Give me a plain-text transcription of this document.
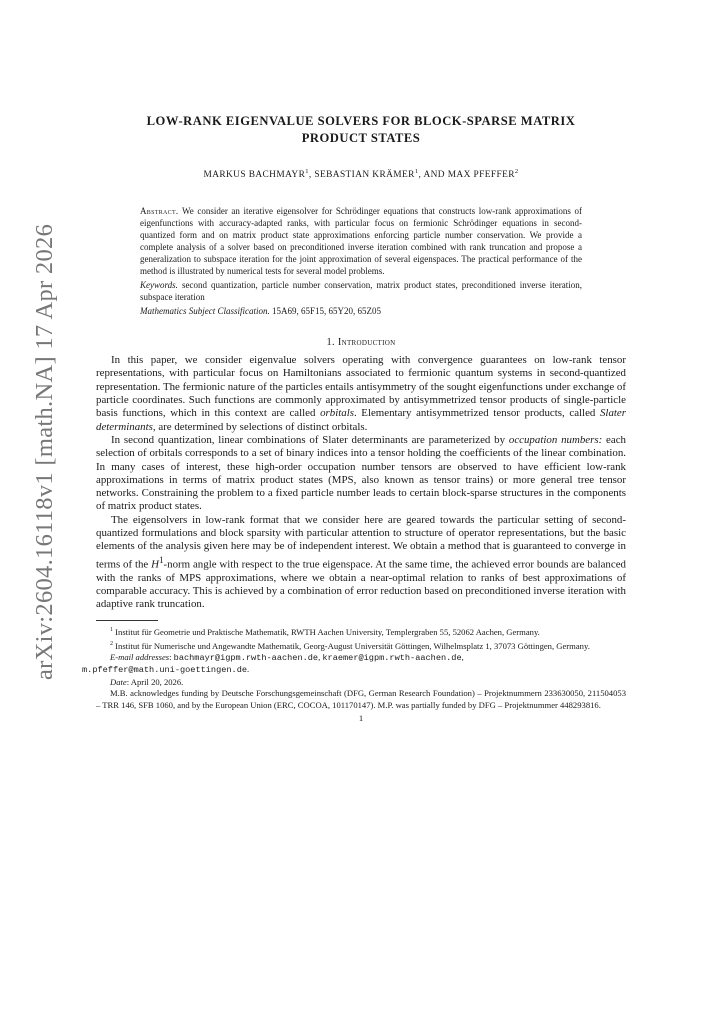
arXiv:2604.16118v1 [math.NA] 17 Apr 2026
LOW-RANK EIGENVALUE SOLVERS FOR BLOCK-SPARSE MATRIX
PRODUCT STATES
MARKUS BACHMAYR$^1$, SEBASTIAN KRÄMER$^1$, AND MAX PFEFFER$^2$

Abstract. We consider an iterative eigensolver for Schrödinger equations that constructs low-rank approximations of eigenfunctions with accuracy-adapted ranks, with particular focus on fermionic Schrödinger equations in second-quantized form and on matrix product state approximations enforcing particle number conservation. We provide a complete analysis of a solver based on preconditioned inverse iteration combined with rank truncation and propose a generalization to subspace iteration for the joint approximation of several eigenspaces. The practical performance of the method is illustrated by numerical tests for several model problems.

Keywords. second quantization, particle number conservation, matrix product states, preconditioned inverse iteration, subspace iteration

Mathematics Subject Classification. 15A69, 65F15, 65Y20, 65Z05

1. Introduction

In this paper, we consider eigenvalue solvers operating with convergence guarantees on low-rank tensor representations, with particular focus on Hamiltonians associated to fermionic quantum systems in second-quantized representation. The fermionic nature of the particles entails antisymmetry of the sought eigenfunctions under exchange of particle coordinates. Such functions are commonly approximated by antisymmetrized tensor products of single-particle basis functions, which in this context are called orbitals. Elementary antisymmetrized tensor products, called Slater determinants, are determined by selections of distinct orbitals.

In second quantization, linear combinations of Slater determinants are parameterized by occupation numbers: each selection of orbitals corresponds to a set of binary indices into a tensor holding the coefficients of the linear combination. In many cases of interest, these high-order occupation number tensors are observed to have efficient low-rank approximations in terms of matrix product states (MPS, also known as tensor trains) or more general tree tensor networks. Constraining the problem to a fixed particle number leads to certain block-sparse structures in the components of matrix product states.

The eigensolvers in low-rank format that we consider here are geared towards the particular setting of second-quantized formulations and block sparsity with particular attention to structure of operator representations, but the basic elements of the analysis given here may be of independent interest. We obtain a method that is guaranteed to converge in terms of the $H^1$-norm angle with respect to the true eigenspace. At the same time, the achieved error bounds are balanced with the ranks of MPS approximations, where we obtain a near-optimal relation to ranks of best approximations of comparable accuracy. This is achieved by a combination of error reduction based on preconditioned inverse iteration with adaptive rank truncation.

$^1$ Institut für Geometrie und Praktische Mathematik, RWTH Aachen University, Templergraben 55, 52062 Aachen, Germany.

$^2$ Institut für Numerische und Angewandte Mathematik, Georg-August Universität Göttingen, Wilhelmsplatz 1, 37073 Göttingen, Germany.

E-mail addresses: bachmayr@igpm.rwth-aachen.de, kraemer@igpm.rwth-aachen.de,
m.pfeffer@math.uni-goettingen.de.

Date: April 20, 2026.

M.B. acknowledges funding by Deutsche Forschungsgemeinschaft (DFG, German Research Foundation) – Projektnummern 233630050, 211504053 – TRR 146, SFB 1060, and by the European Union (ERC, COCOA, 101170147). M.P. was partially funded by DFG – Projektnummer 448293816.

1
